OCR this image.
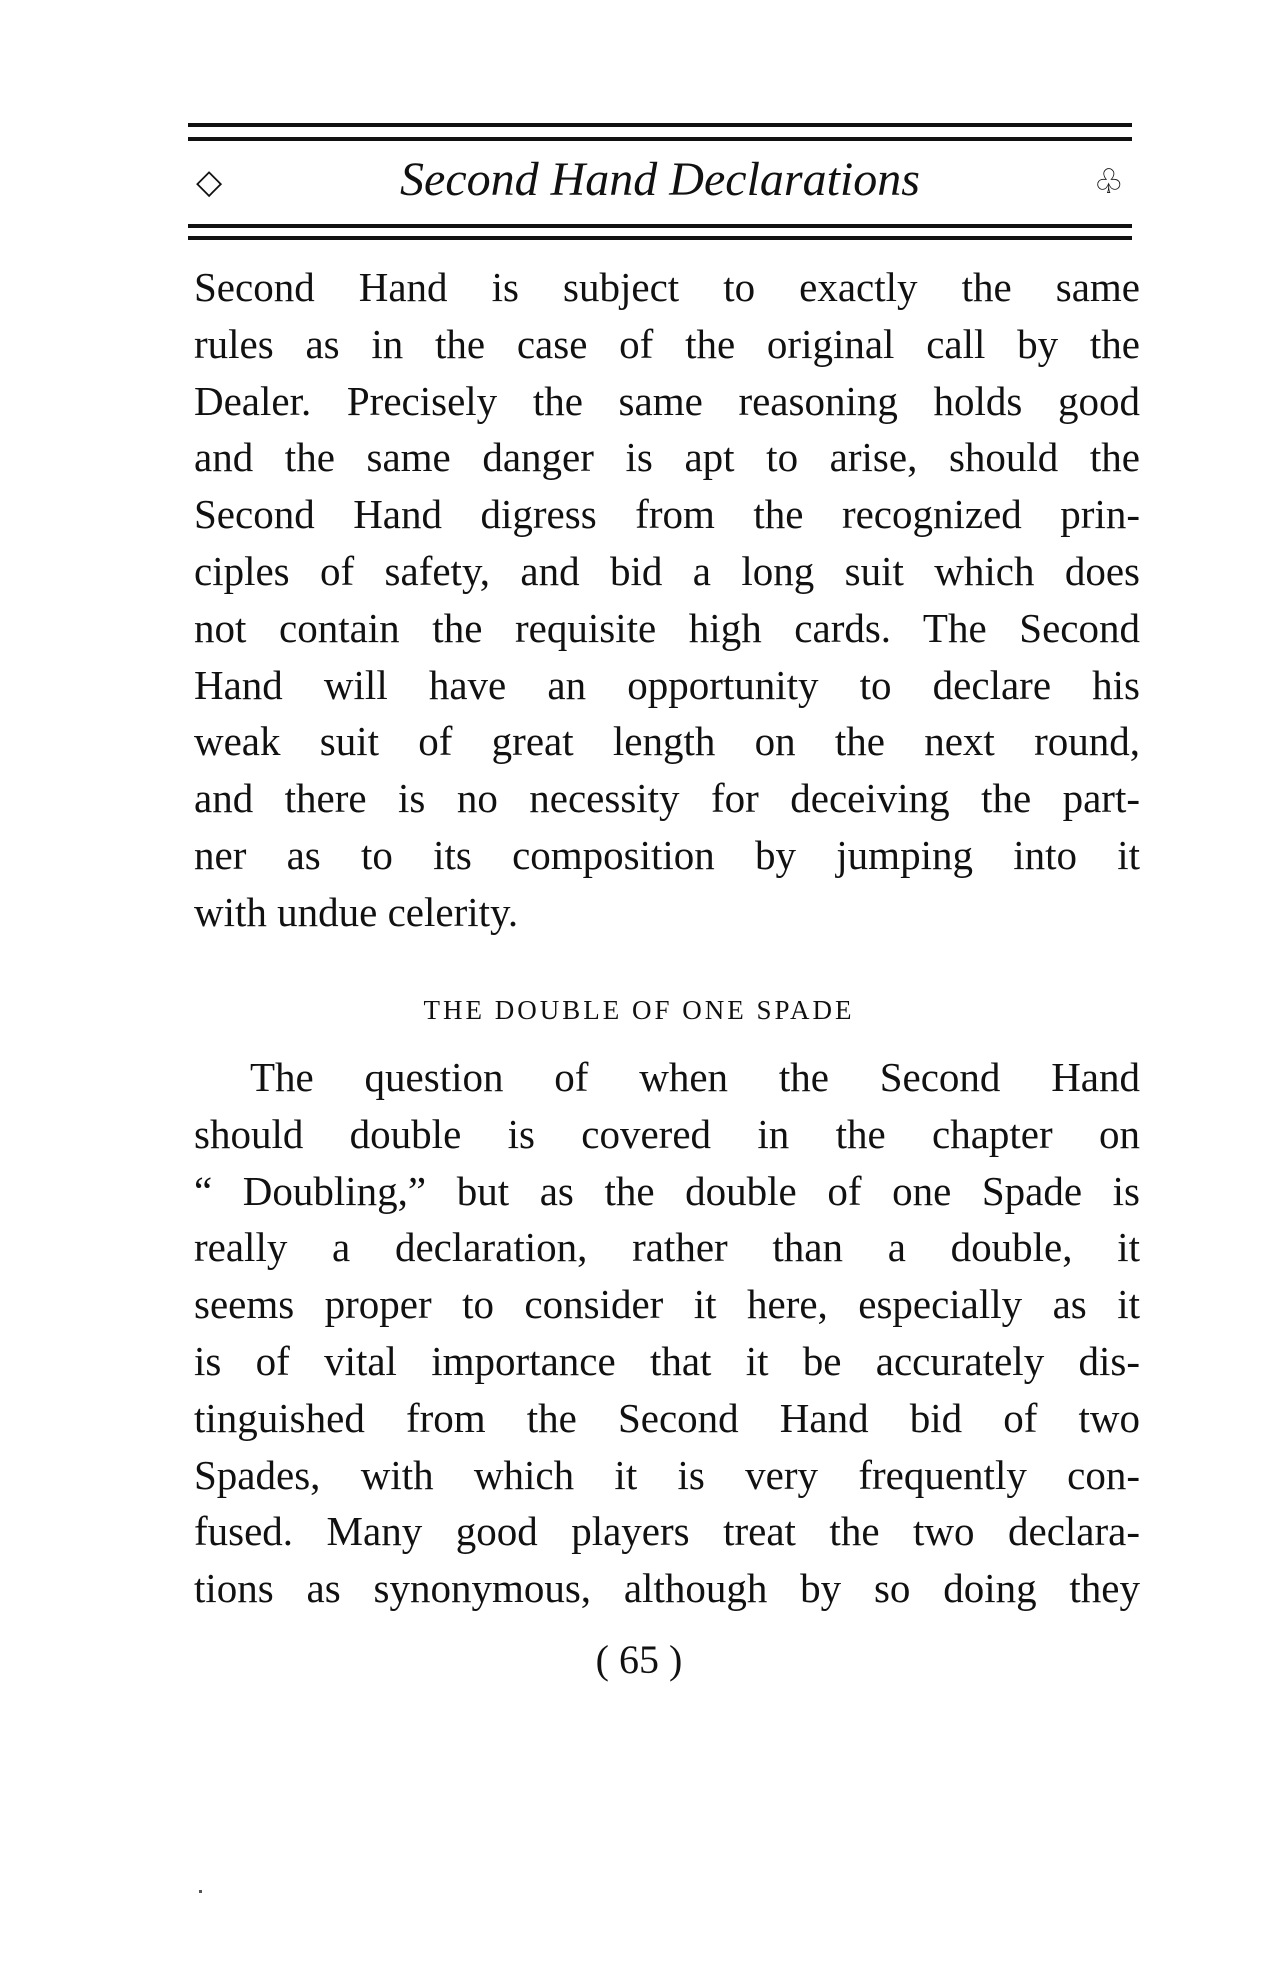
◇	Second Hand Declarations	♧
Second Hand is subject to exactly the same
rules as in the case of the original call by the
Dealer. Precisely the same reasoning holds good
and the same danger is apt to arise, should the
Second Hand digress from the recognized prin-
ciples of safety, and bid a long suit which does
not contain the requisite high cards. The Second
Hand will have an opportunity to declare his
weak suit of great length on the next round,
and there is no necessity for deceiving the part-
ner as to its composition by jumping into it
with undue celerity.
THE DOUBLE OF ONE SPADE
The question of when the Second Hand
should double is covered in the chapter on
“ Doubling,” but as the double of one Spade is
really a declaration, rather than a double, it
seems proper to consider it here, especially as it
is of vital importance that it be accurately dis-
tinguished from the Second Hand bid of two
Spades, with which it is very frequently con-
fused. Many good players treat the two declara-
tions as synonymous, although by so doing they
( 65 )
